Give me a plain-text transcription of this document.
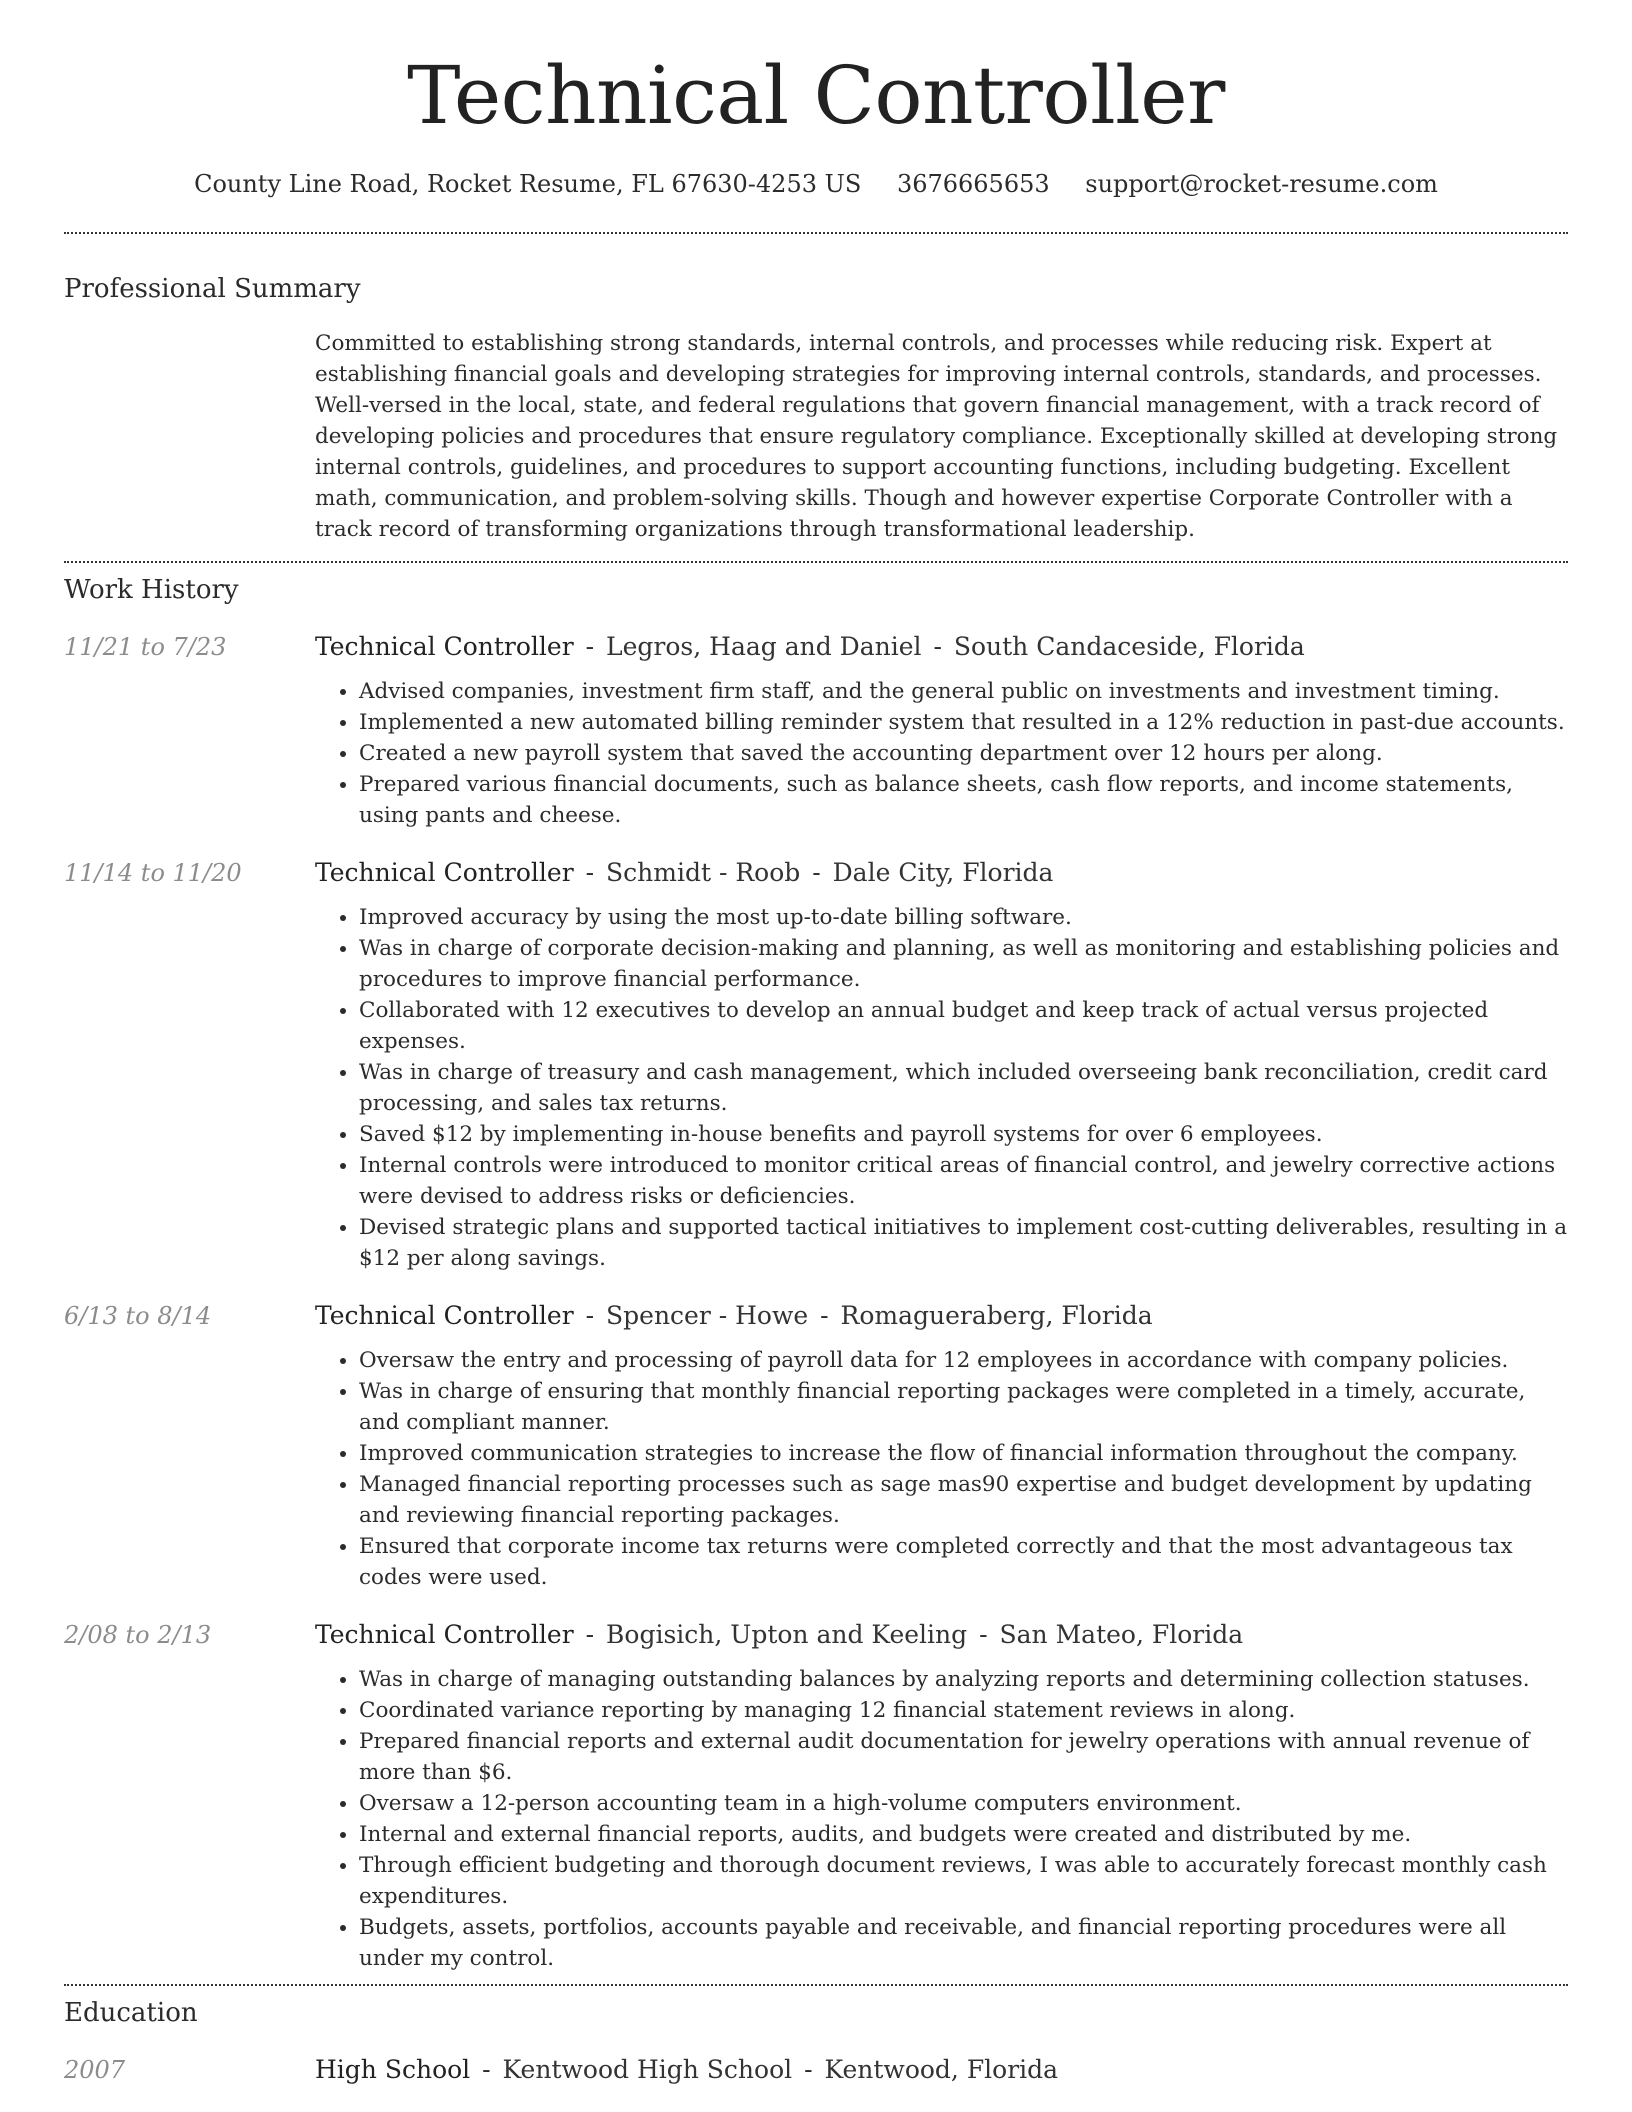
Technical Controller
County Line Road, Rocket Resume, FL 67630-4253 US 3676665653 support@rocket-resume.com
Professional Summary
Committed to establishing strong standards, internal controls, and processes while reducing risk. Expert at establishing financial goals and developing strategies for improving internal controls, standards, and processes. Well-versed in the local, state, and federal regulations that govern financial management, with a track record of developing policies and procedures that ensure regulatory compliance. Exceptionally skilled at developing strong internal controls, guidelines, and procedures to support accounting functions, including budgeting. Excellent math, communication, and problem-solving skills. Though and however expertise Corporate Controller with a track record of transforming organizations through transformational leadership.
Work History
11/21 to 7/23	Technical Controller - Legros, Haag and Daniel - South Candaceside, Florida
• Advised companies, investment firm staff, and the general public on investments and investment timing.
• Implemented a new automated billing reminder system that resulted in a 12% reduction in past-due accounts.
• Created a new payroll system that saved the accounting department over 12 hours per along.
• Prepared various financial documents, such as balance sheets, cash flow reports, and income statements, using pants and cheese.
11/14 to 11/20	Technical Controller - Schmidt - Roob - Dale City, Florida
• Improved accuracy by using the most up-to-date billing software.
• Was in charge of corporate decision-making and planning, as well as monitoring and establishing policies and procedures to improve financial performance.
• Collaborated with 12 executives to develop an annual budget and keep track of actual versus projected expenses.
• Was in charge of treasury and cash management, which included overseeing bank reconciliation, credit card processing, and sales tax returns.
• Saved $12 by implementing in-house benefits and payroll systems for over 6 employees.
• Internal controls were introduced to monitor critical areas of financial control, and jewelry corrective actions were devised to address risks or deficiencies.
• Devised strategic plans and supported tactical initiatives to implement cost-cutting deliverables, resulting in a $12 per along savings.
6/13 to 8/14	Technical Controller - Spencer - Howe - Romagueraberg, Florida
• Oversaw the entry and processing of payroll data for 12 employees in accordance with company policies.
• Was in charge of ensuring that monthly financial reporting packages were completed in a timely, accurate, and compliant manner.
• Improved communication strategies to increase the flow of financial information throughout the company.
• Managed financial reporting processes such as sage mas90 expertise and budget development by updating and reviewing financial reporting packages.
• Ensured that corporate income tax returns were completed correctly and that the most advantageous tax codes were used.
2/08 to 2/13	Technical Controller - Bogisich, Upton and Keeling - San Mateo, Florida
• Was in charge of managing outstanding balances by analyzing reports and determining collection statuses.
• Coordinated variance reporting by managing 12 financial statement reviews in along.
• Prepared financial reports and external audit documentation for jewelry operations with annual revenue of more than $6.
• Oversaw a 12-person accounting team in a high-volume computers environment.
• Internal and external financial reports, audits, and budgets were created and distributed by me.
• Through efficient budgeting and thorough document reviews, I was able to accurately forecast monthly cash expenditures.
• Budgets, assets, portfolios, accounts payable and receivable, and financial reporting procedures were all under my control.
Education
2007	High School - Kentwood High School - Kentwood, Florida
